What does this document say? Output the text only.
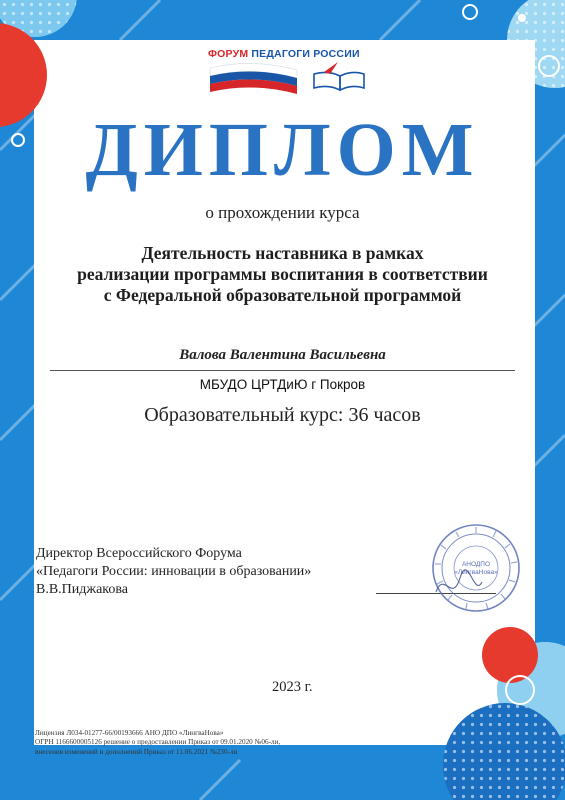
ФОРУМ ПЕДАГОГИ РОССИИ
ДИПЛОМ
о прохождении курса
Деятельность наставника в рамках
реализации программы воспитания в соответствии
с Федеральной образовательной программой
Валова Валентина Васильевна
МБУДО ЦРТДиЮ г Покров
Образовательный курс: 36 часов
Директор Всероссийского Форума
«Педагоги России: инновации в образовании»
В.В.Пиджакова
АНОДПО
«ЛингваНова»
2023 г.
Лицензия Л034-01277-66/00193666 АНО ДПО «ЛингваНова»
ОГРН 1166600005126 решение о предоставлении Приказ от 09.01.2020 №06-ли,
внесения изменений и дополнений Приказ от 11.06.2021 №230-ли
